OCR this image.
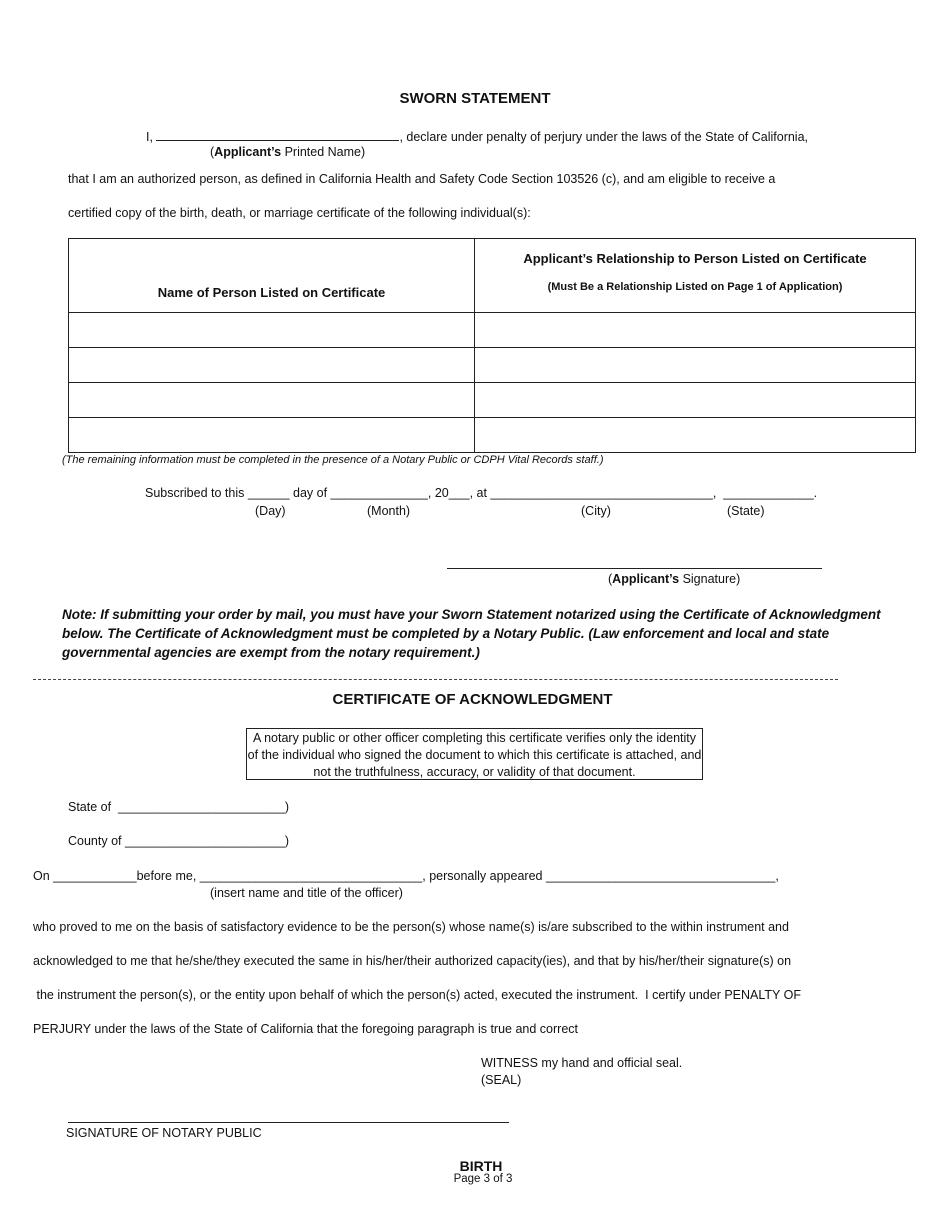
SWORN STATEMENT
I,	, declare under penalty of perjury under the laws of the State of California,
(Applicant’s Printed Name)
that I am an authorized person, as defined in California Health and Safety Code Section 103526 (c), and am eligible to receive a
certified copy of the birth, death, or marriage certificate of the following individual(s):
Name of Person Listed on Certificate	Applicant’s Relationship to Person Listed on Certificate
(Must Be a Relationship Listed on Page 1 of Application)

(The remaining information must be completed in the presence of a Notary Public or CDPH Vital Records staff.)
Subscribed to this ______ day of ______________, 20___, at ________________________________,  _____________.
(Day)	(Month)	(City)	(State)
(Applicant’s Signature)
Note: If submitting your order by mail, you must have your Sworn Statement notarized using the Certificate of Acknowledgment below. The Certificate of Acknowledgment must be completed by a Notary Public. (Law enforcement and local and state governmental agencies are exempt from the notary requirement.)
CERTIFICATE OF ACKNOWLEDGMENT
A notary public or other officer completing this certificate verifies only the identity of the individual who signed the document to which this certificate is attached, and not the truthfulness, accuracy, or validity of that document.
State of  ________________________)
County of _______________________)
On ____________before me, ________________________________, personally appeared _________________________________,
(insert name and title of the officer)
who proved to me on the basis of satisfactory evidence to be the person(s) whose name(s) is/are subscribed to the within instrument and
acknowledged to me that he/she/they executed the same in his/her/their authorized capacity(ies), and that by his/her/their signature(s) on
the instrument the person(s), or the entity upon behalf of which the person(s) acted, executed the instrument.  I certify under PENALTY OF
PERJURY under the laws of the State of California that the foregoing paragraph is true and correct
WITNESS my hand and official seal.
(SEAL)
SIGNATURE OF NOTARY PUBLIC
BIRTH
Page 3 of 3
